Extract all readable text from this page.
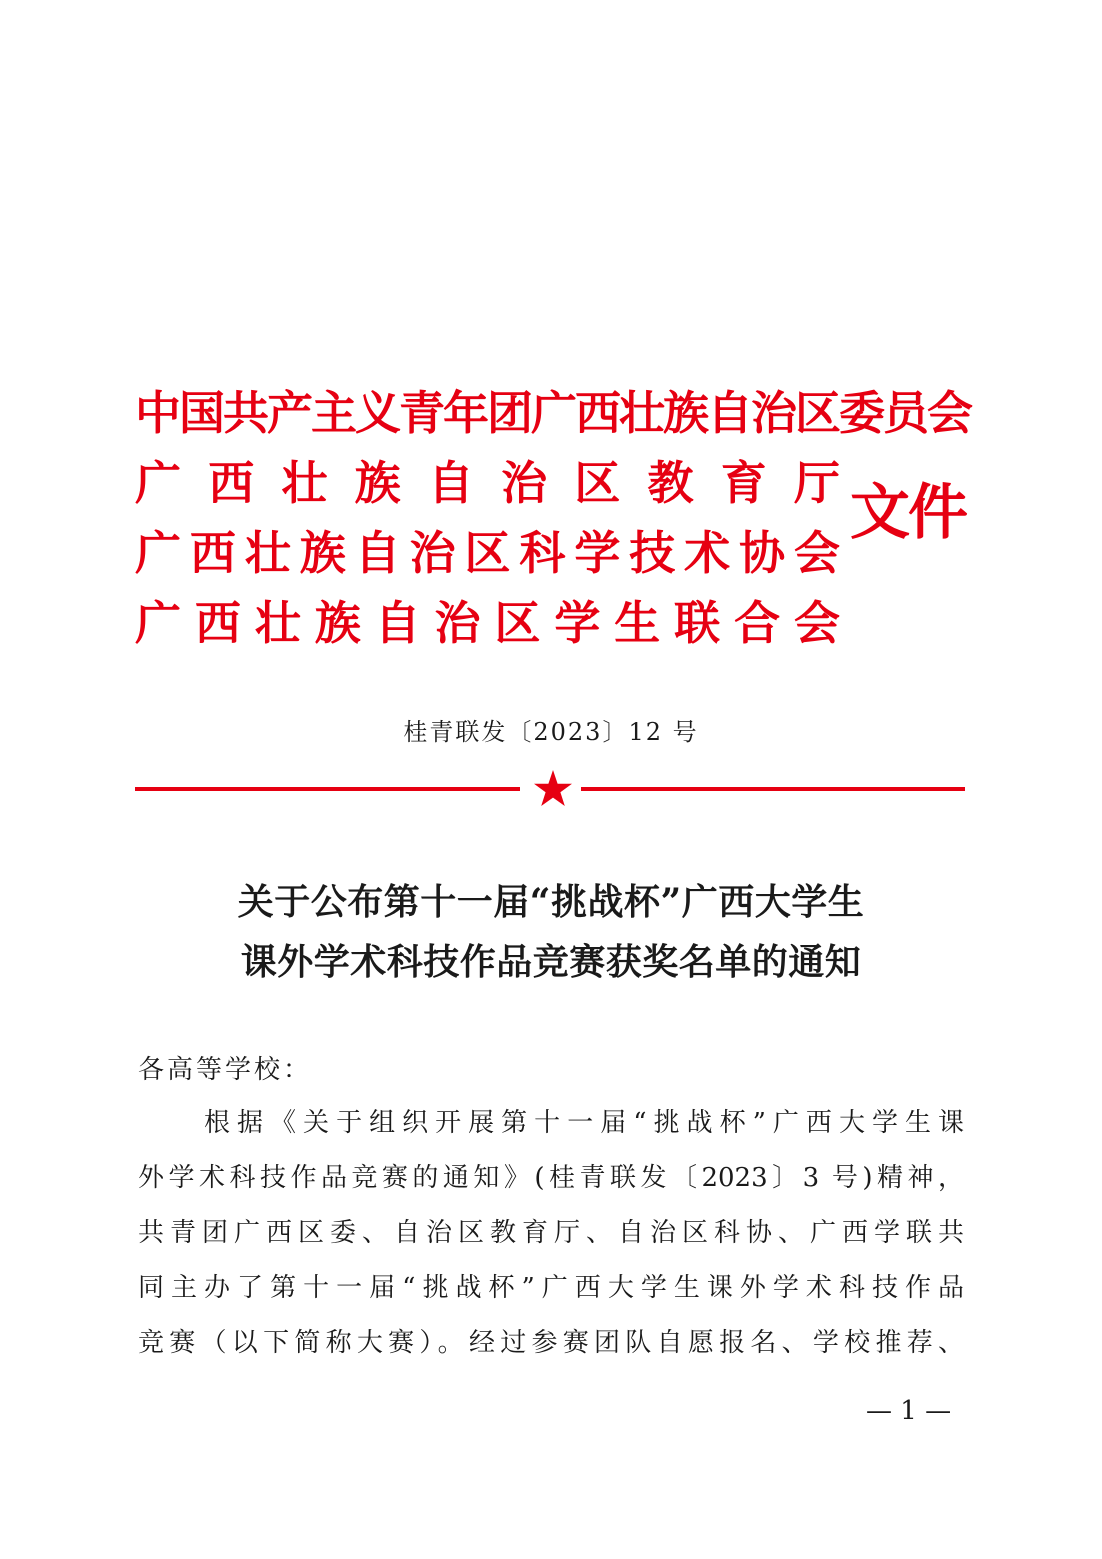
中国共产主义青年团广西壮族自治区委员会
广西壮族自治区教育厅
广西壮族自治区科学技术协会
广西壮族自治区学生联合会
文件
桂青联发〔2023〕12 号
关于公布第十一届“挑战杯”广西大学生
课外学术科技作品竞赛获奖名单的通知
各高等学校：
根据《关于组织开展第十一届“挑战杯”广西大学生课
外学术科技作品竞赛的通知》(桂青联发〔2023〕3 号)精神，
共青团广西区委、自治区教育厅、自治区科协、广西学联共
同主办了第十一届“挑战杯”广西大学生课外学术科技作品
竞赛（以下简称大赛）。经过参赛团队自愿报名、学校推荐、
— 1 —
